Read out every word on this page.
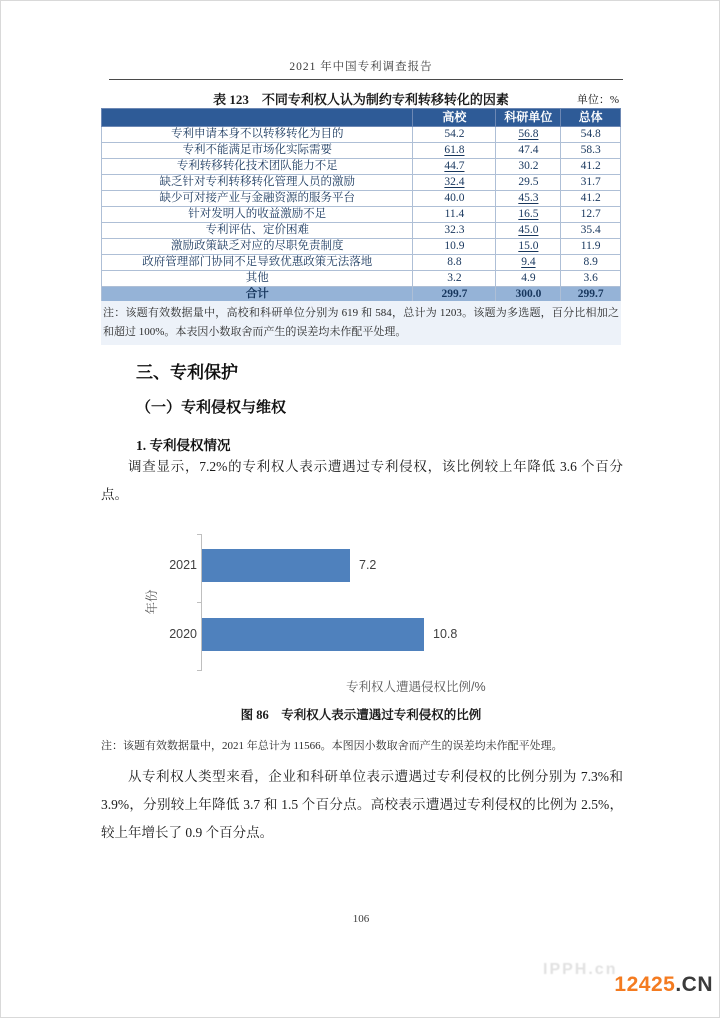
2021 年中国专利调查报告
表 123　不同专利权人认为制约专利转移转化的因素	单位：%
	高校	科研单位	总体
专利申请本身不以转移转化为目的	54.2	56.8	54.8
专利不能满足市场化实际需要	61.8	47.4	58.3
专利转移转化技术团队能力不足	44.7	30.2	41.2
缺乏针对专利转移转化管理人员的激励	32.4	29.5	31.7
缺少可对接产业与金融资源的服务平台	40.0	45.3	41.2
针对发明人的收益激励不足	11.4	16.5	12.7
专利评估、定价困难	32.3	45.0	35.4
激励政策缺乏对应的尽职免责制度	10.9	15.0	11.9
政府管理部门协同不足导致优惠政策无法落地	8.8	9.4	8.9
其他	3.2	4.9	3.6
合计	299.7	300.0	299.7
注：该题有效数据量中，高校和科研单位分别为 619 和 584，总计为 1203。该题为多选题，百分比相加之和超过 100%。本表因小数取舍而产生的误差均未作配平处理。
三、专利保护
（一）专利侵权与维权
1. 专利侵权情况
调查显示，7.2%的专利权人表示遭遇过专利侵权，该比例较上年降低 3.6 个百分点。
年份
2021	7.2
2020	10.8
专利权人遭遇侵权比例/%
图 86　专利权人表示遭遇过专利侵权的比例
注：该题有效数据量中，2021 年总计为 11566。本图因小数取舍而产生的误差均未作配平处理。
从专利权人类型来看，企业和科研单位表示遭遇过专利侵权的比例分别为 7.3%和 3.9%，分别较上年降低 3.7 和 1.5 个百分点。高校表示遭遇过专利侵权的比例为 2.5%，较上年增长了 0.9 个百分点。
106
IPPH.cn
12425.CN
